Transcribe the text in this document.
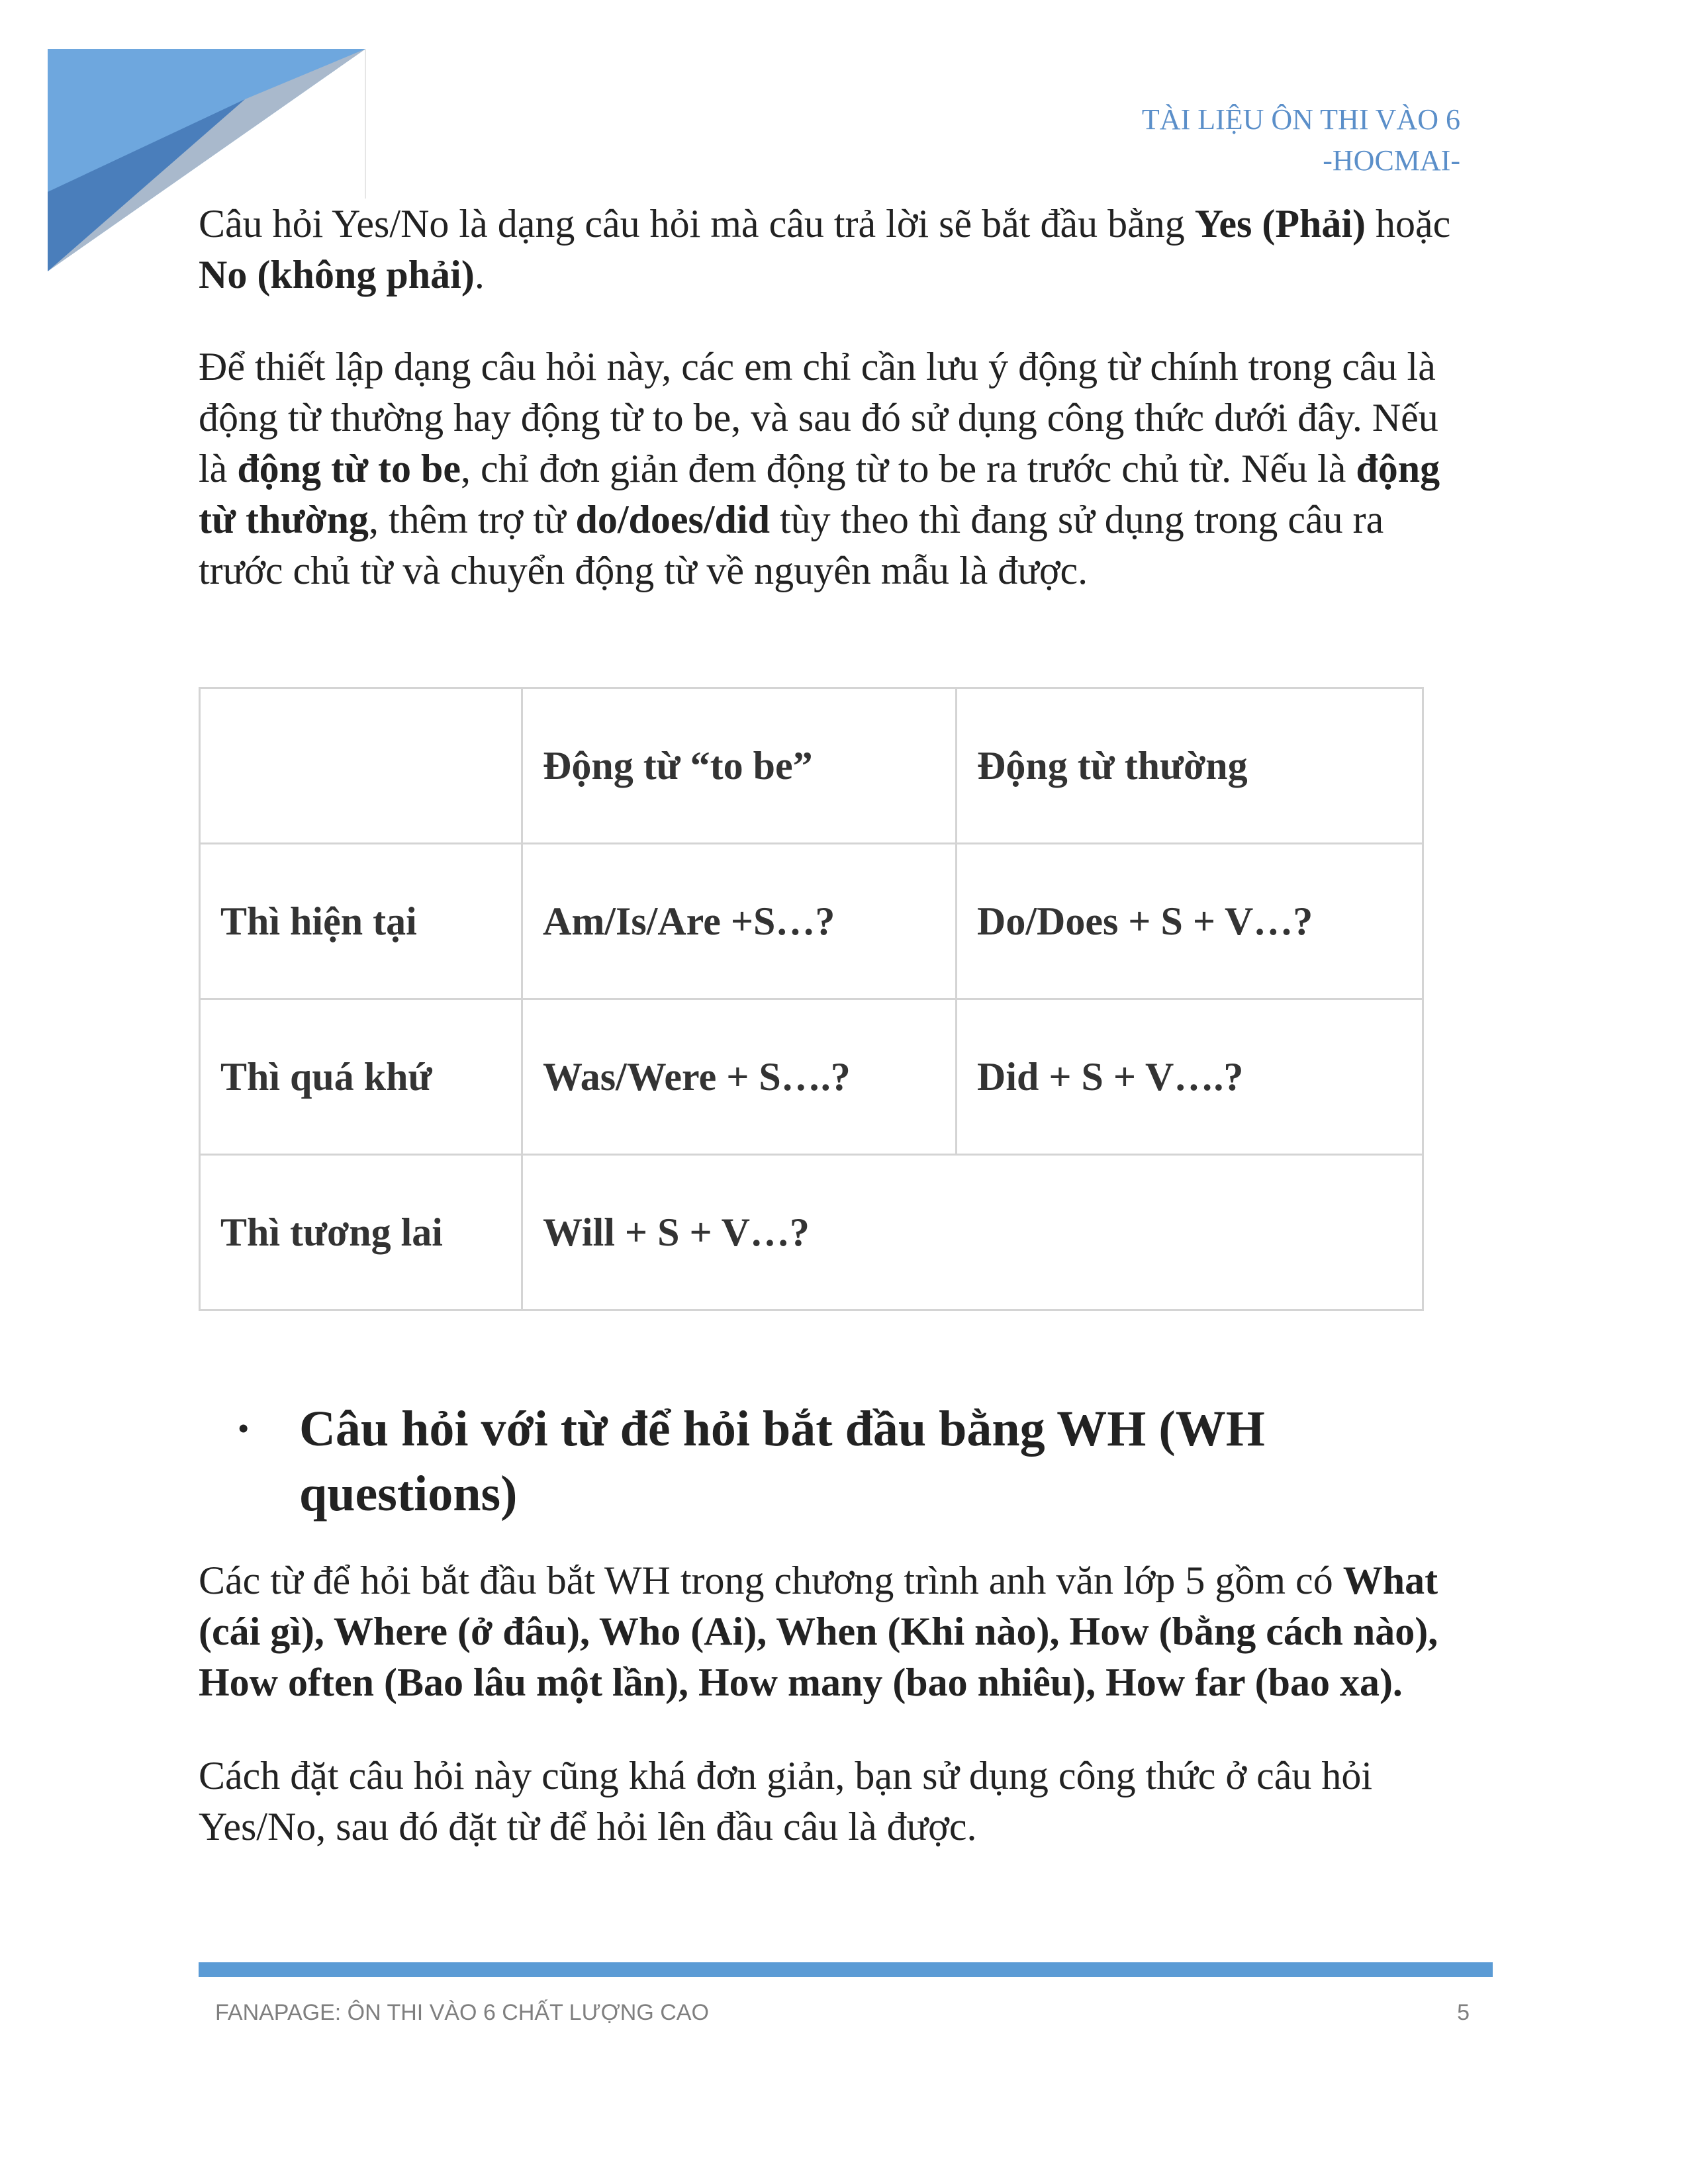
TÀI LIỆU ÔN THI VÀO 6
-HOCMAI-

Câu hỏi Yes/No là dạng câu hỏi mà câu trả lời sẽ bắt đầu bằng Yes (Phải) hoặc No (không phải).

Để thiết lập dạng câu hỏi này, các em chỉ cần lưu ý động từ chính trong câu là động từ thường hay động từ to be, và sau đó sử dụng công thức dưới đây. Nếu là động từ to be, chỉ đơn giản đem động từ to be ra trước chủ từ. Nếu là động từ thường, thêm trợ từ do/does/did tùy theo thì đang sử dụng trong câu ra trước chủ từ và chuyển động từ về nguyên mẫu là được.

	Động từ “to be”	Động từ thường
Thì hiện tại	Am/Is/Are +S…?	Do/Does + S + V…?
Thì quá khứ	Was/Were + S….?	Did + S + V….?
Thì tương lai	Will + S + V…?	
• Câu hỏi với từ để hỏi bắt đầu bằng WH (WH questions)

Các từ để hỏi bắt đầu bắt WH trong chương trình anh văn lớp 5 gồm có What (cái gì), Where (ở đâu), Who (Ai), When (Khi nào), How (bằng cách nào), How often (Bao lâu một lần), How many (bao nhiêu), How far (bao xa).

Cách đặt câu hỏi này cũng khá đơn giản, bạn sử dụng công thức ở câu hỏi Yes/No, sau đó đặt từ để hỏi lên đầu câu là được.

FANAPAGE: ÔN THI VÀO 6 CHẤT LƯỢNG CAO	5
